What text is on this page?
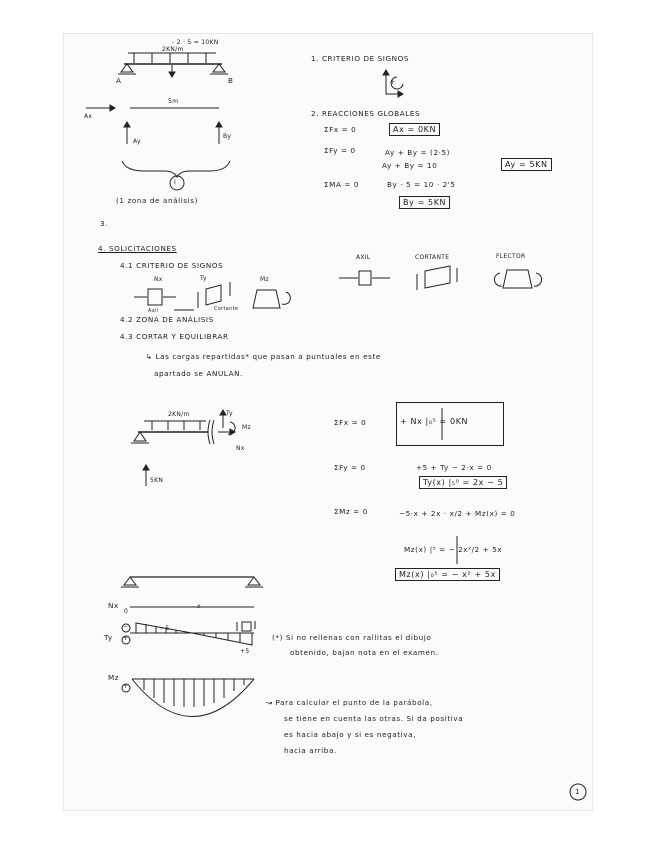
- 2 · 5 = 10KN
2KN/m
A	B
5m
Ax
Ay
By
I
(1 zona de análisis)
1. CRITERIO DE SIGNOS
+
2. REACCIONES GLOBALES
ΣFx = 0	Ax = 0KN
ΣFy = 0	Ay + By = (2·5)
Ay + By = 10	Ay = 5KN
ΣMA = 0	By · 5 = 10 · 2'5
By = 5KN
3.
4. SOLICITACIONES
4.1 CRITERIO DE SIGNOS
Nx	Ty	Mz
Axil	Cortante
AXIL	CORTANTE	FLECTOR
4.2 ZONA DE ANÁLISIS
4.3 CORTAR Y EQUILIBRAR
↳ Las cargas repartidas* que pasan a puntuales en este
apartado se ANULAN.
2KN/m	Ty
Mz
Nx
5KN
ΣFx = 0	+ Nx |₀⁵ = 0KN
ΣFy = 0	+5 + Ty − 2·x = 0
Ty(x) |₅⁰ = 2x − 5
ΣMz = 0	−5·x + 2x · x/2 + Mz(x) = 0
Mz(x) |⁵ = − 2x²/2 + 5x
Mz(x) |₀⁵ = − x² + 5x
Nx
0
x
Ty
−
+
−5
+5
Mz
+
(*) Si no rellenas con rallitas el dibujo
obtenido, bajan nota en el examen.
↝ Para calcular el punto de la parábola,
se tiene en cuenta las otras. Si da positiva
es hacia abajo y si es negativa,
hacia arriba.
1
